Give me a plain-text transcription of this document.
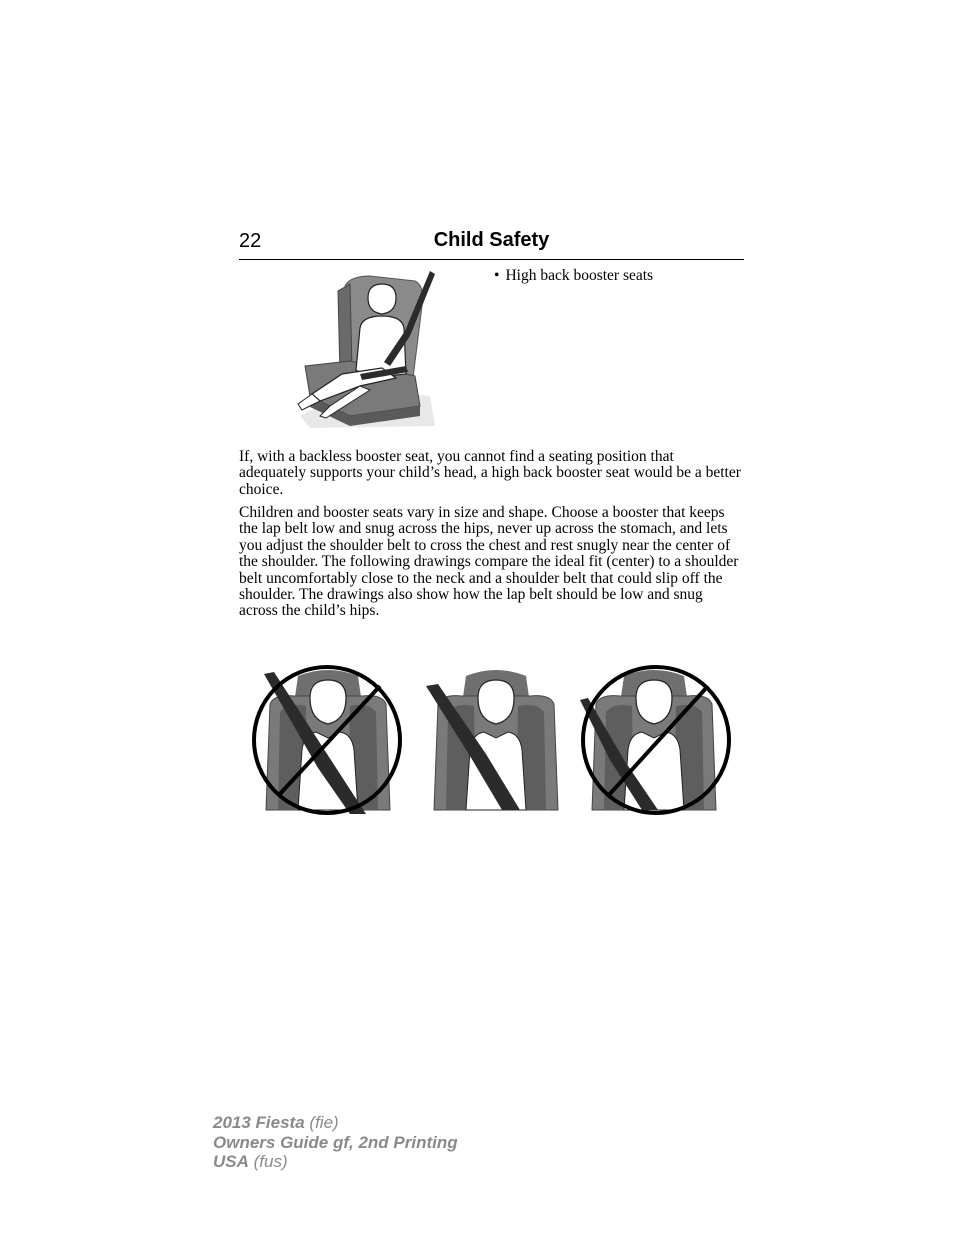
22	Child Safety
• High back booster seats

If, with a backless booster seat, you cannot find a seating position that adequately supports your child’s head, a high back booster seat would be a better choice.

Children and booster seats vary in size and shape. Choose a booster that keeps the lap belt low and snug across the hips, never up across the stomach, and lets you adjust the shoulder belt to cross the chest and rest snugly near the center of the shoulder. The following drawings compare the ideal fit (center) to a shoulder belt uncomfortably close to the neck and a shoulder belt that could slip off the shoulder. The drawings also show how the lap belt should be low and snug across the child’s hips.

2013 Fiesta (fie)
Owners Guide gf, 2nd Printing
USA (fus)
